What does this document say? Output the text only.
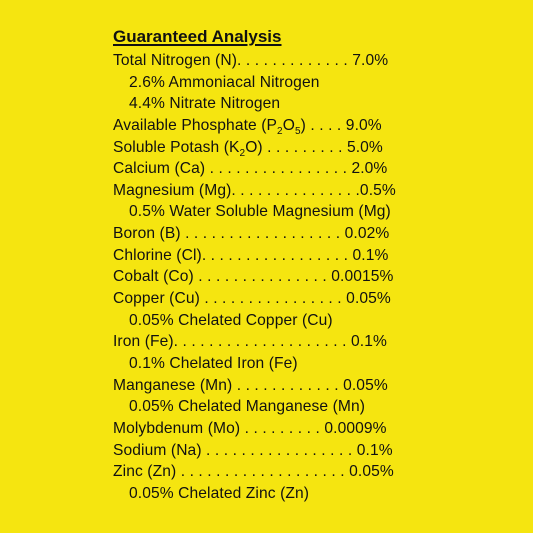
Guaranteed Analysis
Total Nitrogen (N). . . . . . . . . . . . . 7.0%
2.6% Ammoniacal Nitrogen
4.4% Nitrate Nitrogen
Available Phosphate $(P_2O_5)$ . . . . 9.0%
Soluble Potash $(K_2O)$ . . . . . . . . . 5.0%
Calcium (Ca) . . . . . . . . . . . . . . . . 2.0%
Magnesium (Mg). . . . . . . . . . . . . . .0.5%
0.5% Water Soluble Magnesium (Mg)
Boron (B) . . . . . . . . . . . . . . . . . . 0.02%
Chlorine (Cl). . . . . . . . . . . . . . . . . 0.1%
Cobalt (Co) . . . . . . . . . . . . . . . 0.0015%
Copper (Cu) . . . . . . . . . . . . . . . . 0.05%
0.05% Chelated Copper (Cu)
Iron (Fe). . . . . . . . . . . . . . . . . . . . 0.1%
0.1% Chelated Iron (Fe)
Manganese (Mn) . . . . . . . . . . . . 0.05%
0.05% Chelated Manganese (Mn)
Molybdenum (Mo) . . . . . . . . . 0.0009%
Sodium (Na) . . . . . . . . . . . . . . . . . 0.1%
Zinc (Zn) . . . . . . . . . . . . . . . . . . . 0.05%
0.05% Chelated Zinc (Zn)
